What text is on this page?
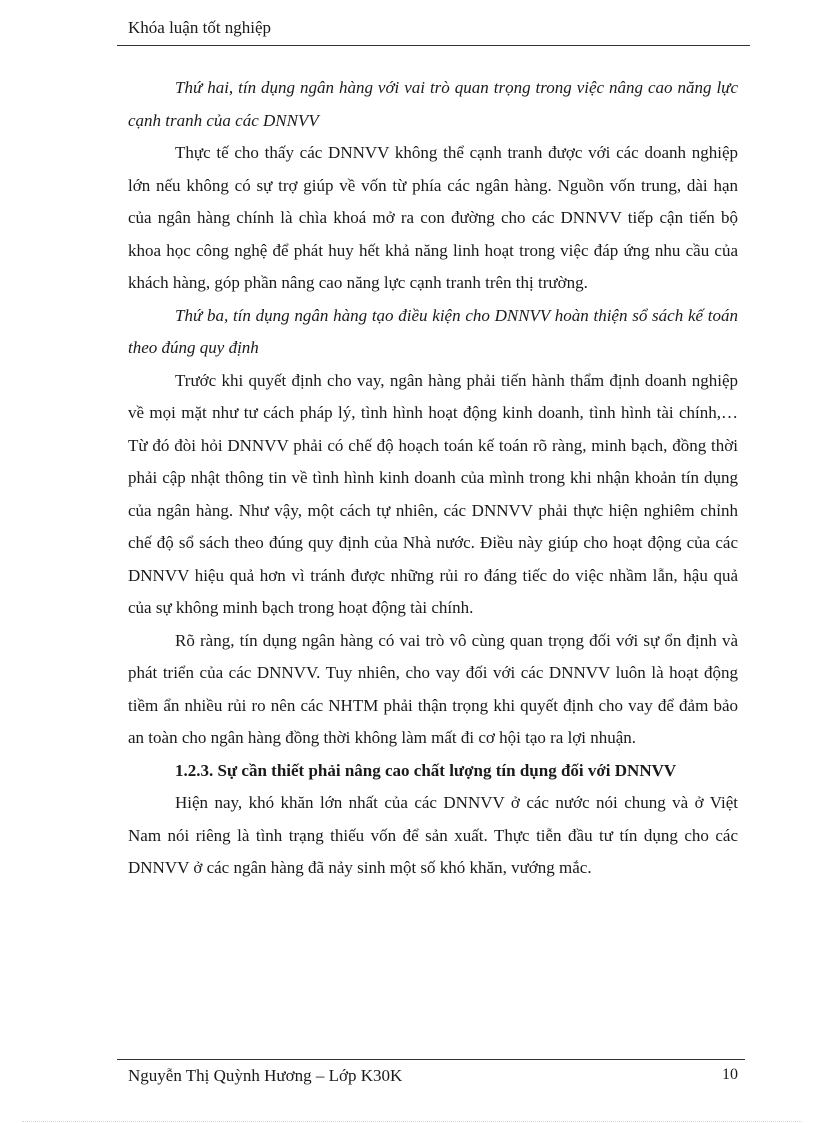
Khóa luận tốt nghiệp

Thứ hai, tín dụng ngân hàng với vai trò quan trọng trong việc nâng cao năng lực cạnh tranh của các DNNVV

Thực tế cho thấy các DNNVV không thể cạnh tranh được với các doanh nghiệp lớn nếu không có sự trợ giúp về vốn từ phía các ngân hàng. Nguồn vốn trung, dài hạn của ngân hàng chính là chìa khoá mở ra con đường cho các DNNVV tiếp cận tiến bộ khoa học công nghệ để phát huy hết khả năng linh hoạt trong việc đáp ứng nhu cầu của khách hàng, góp phần nâng cao năng lực cạnh tranh trên thị trường.

Thứ ba, tín dụng ngân hàng tạo điều kiện cho DNNVV hoàn thiện sổ sách kế toán theo đúng quy định

Trước khi quyết định cho vay, ngân hàng phải tiến hành thẩm định doanh nghiệp về mọi mặt như tư cách pháp lý, tình hình hoạt động kinh doanh, tình hình tài chính,… Từ đó đòi hỏi DNNVV phải có chế độ hoạch toán kế toán rõ ràng, minh bạch, đồng thời phải cập nhật thông tin về tình hình kinh doanh của mình trong khi nhận khoản tín dụng của ngân hàng. Như vậy, một cách tự nhiên, các DNNVV phải thực hiện nghiêm chỉnh chế độ sổ sách theo đúng quy định của Nhà nước. Điều này giúp cho hoạt động của các DNNVV hiệu quả hơn vì tránh được những rủi ro đáng tiếc do việc nhầm lẫn, hậu quả của sự không minh bạch trong hoạt động tài chính.

Rõ ràng, tín dụng ngân hàng có vai trò vô cùng quan trọng đối với sự ổn định và phát triển của các DNNVV. Tuy nhiên, cho vay đối với các DNNVV luôn là hoạt động tiềm ẩn nhiều rủi ro nên các NHTM phải thận trọng khi quyết định cho vay để đảm bảo an toàn cho ngân hàng đồng thời không làm mất đi cơ hội tạo ra lợi nhuận.

1.2.3. Sự cần thiết phải nâng cao chất lượng tín dụng đối với DNNVV

Hiện nay, khó khăn lớn nhất của các DNNVV ở các nước nói chung và ở Việt Nam nói riêng là tình trạng thiếu vốn để sản xuất. Thực tiễn đầu tư tín dụng cho các DNNVV ở các ngân hàng đã nảy sinh một số khó khăn, vướng mắc.

Nguyễn Thị Quỳnh Hương – Lớp K30K	10
